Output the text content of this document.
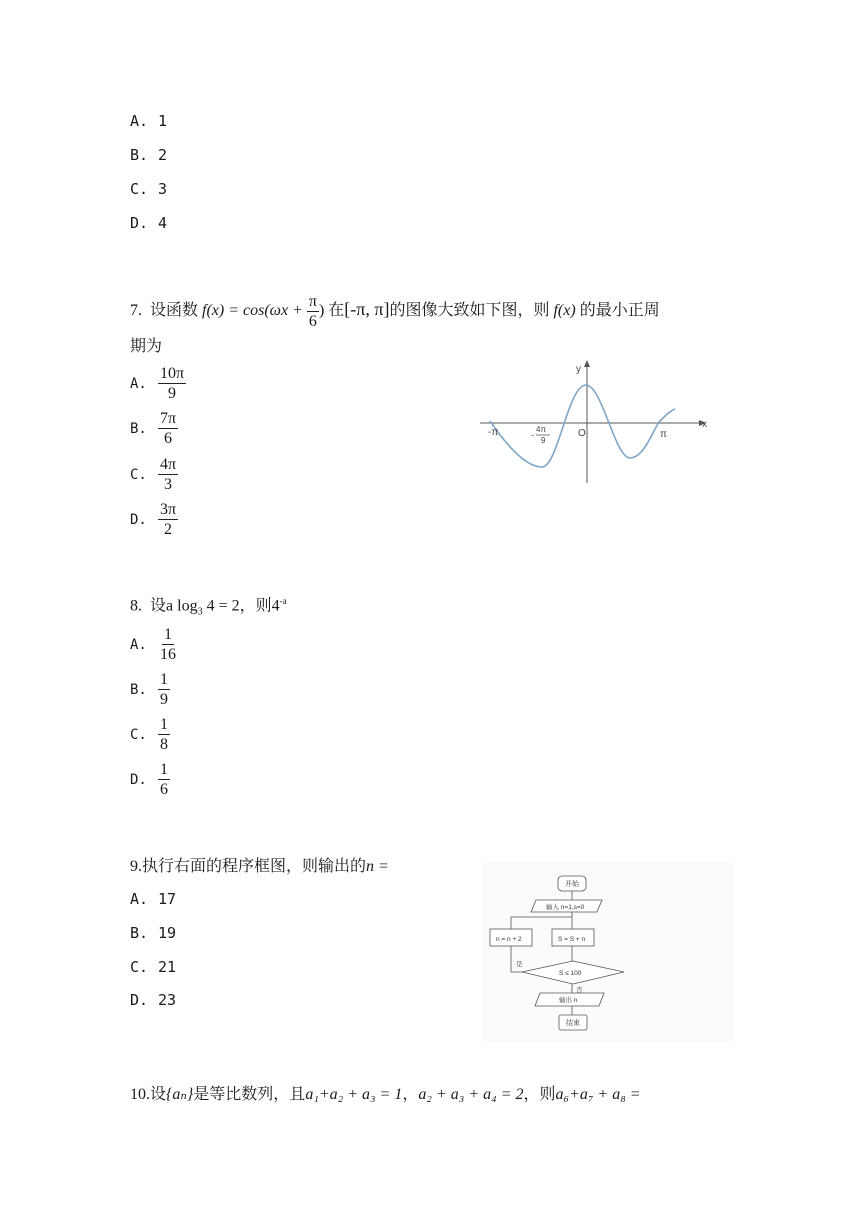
A. 1
B. 2
C. 3
D. 4
7. 设函数 $f(x) = \cos(\omega x + \frac{\pi}{6}$ ) 在[-π, π]的图像大致如下图，则 f(x) 的最小正周
期为
A. $\frac{10\pi}{9}$
B. $\frac{7\pi}{6}$
C. $\frac{4\pi}{3}$
D. $\frac{3\pi}{2}$
y
x
-π	π
O
4π
9
-
8. 设a $\log_3 4 = 2$，则$4^{-a}$
A. $\frac{1}{16}$
B. $\frac{1}{9}$
C. $\frac{1}{8}$
D. $\frac{1}{6}$
9.执行右面的程序框图，则输出的n =
A. 17
B. 19
C. 21
D. 23
开始
输入 n=1,s=0
n = n + 2	S = S + n
S ≤ 100
是
否
输出 n
结束
10.设{aₙ}是等比数列，且a₁+a₂ + a₃ = 1，a₂ + a₃ + a₄ = 2，则a₆+a₇ + a₈ =
